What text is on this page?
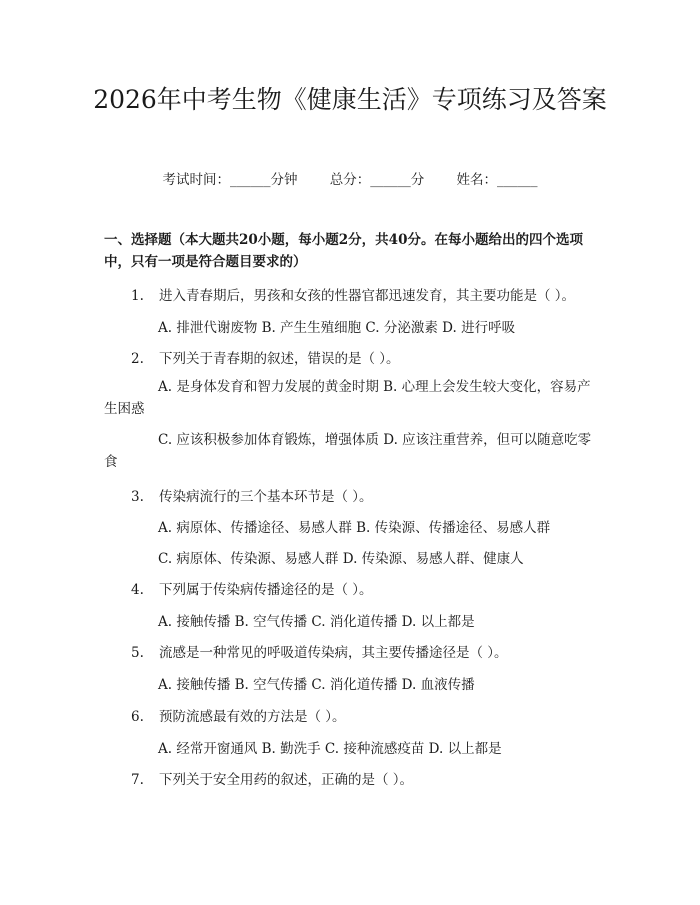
2026年中考生物《健康生活》专项练习及答案
考试时间：______分钟 总分：______分 姓名：______

一、选择题（本大题共20小题，每小题2分，共40分。在每小题给出的四个选项中，只有一项是符合题目要求的）

1. 进入青春期后，男孩和女孩的性器官都迅速发育，其主要功能是（ ）。
A. 排泄代谢废物 B. 产生生殖细胞 C. 分泌激素 D. 进行呼吸
2. 下列关于青春期的叙述，错误的是（ ）。
A. 是身体发育和智力发展的黄金时期 B. 心理上会发生较大变化，容易产生困惑
C. 应该积极参加体育锻炼，增强体质 D. 应该注重营养，但可以随意吃零食
3. 传染病流行的三个基本环节是（ ）。
A. 病原体、传播途径、易感人群 B. 传染源、传播途径、易感人群
C. 病原体、传染源、易感人群 D. 传染源、易感人群、健康人
4. 下列属于传染病传播途径的是（ ）。
A. 接触传播 B. 空气传播 C. 消化道传播 D. 以上都是
5. 流感是一种常见的呼吸道传染病，其主要传播途径是（ ）。
A. 接触传播 B. 空气传播 C. 消化道传播 D. 血液传播
6. 预防流感最有效的方法是（ ）。
A. 经常开窗通风 B. 勤洗手 C. 接种流感疫苗 D. 以上都是
7. 下列关于安全用药的叙述，正确的是（ ）。
